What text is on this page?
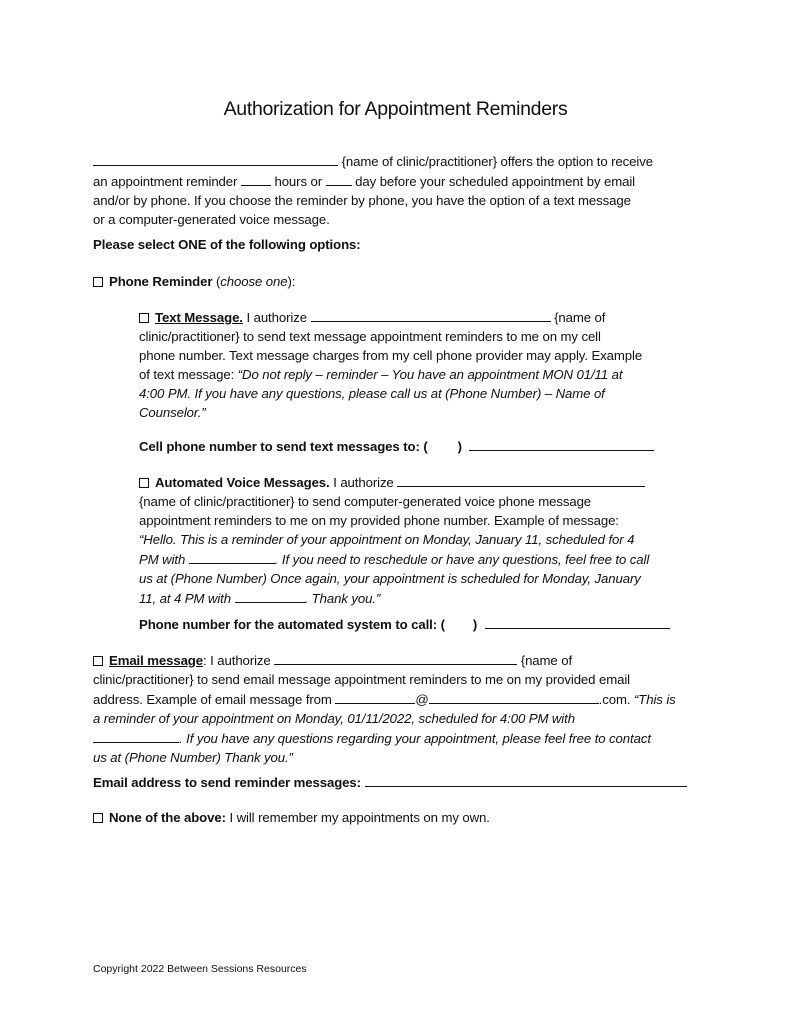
Authorization for Appointment Reminders
{name of clinic/practitioner} offers the option to receive
an appointment reminder  hours or  day before your scheduled appointment by email
and/or by phone. If you choose the reminder by phone, you have the option of a text message
or a computer-generated voice message.
Please select ONE of the following options:
Phone Reminder (choose one):
Text Message. I authorize	{name of
clinic/practitioner} to send text message appointment reminders to me on my cell
phone number. Text message charges from my cell phone provider may apply. Example
of text message: “Do not reply – reminder – You have an appointment MON 01/11 at
4:00 PM. If you have any questions, please call us at (Phone Number) – Name of
Counselor.”
Cell phone number to send text messages to: ( )
Automated Voice Messages. I authorize
{name of clinic/practitioner} to send computer-generated voice phone message
appointment reminders to me on my provided phone number. Example of message:
“Hello. This is a reminder of your appointment on Monday, January 11, scheduled for 4
PM with	. If you need to reschedule or have any questions, feel free to call
us at (Phone Number) Once again, your appointment is scheduled for Monday, January
11, at 4 PM with	. Thank you.”
Phone number for the automated system to call: ( )
Email message: I authorize	{name of
clinic/practitioner} to send email message appointment reminders to me on my provided email
address. Example of email message from	@	.com. “This is
a reminder of your appointment on Monday, 01/11/2022, scheduled for 4:00 PM with
. If you have any questions regarding your appointment, please feel free to contact
us at (Phone Number) Thank you.”
Email address to send reminder messages:
None of the above: I will remember my appointments on my own.
Copyright 2022 Between Sessions Resources
